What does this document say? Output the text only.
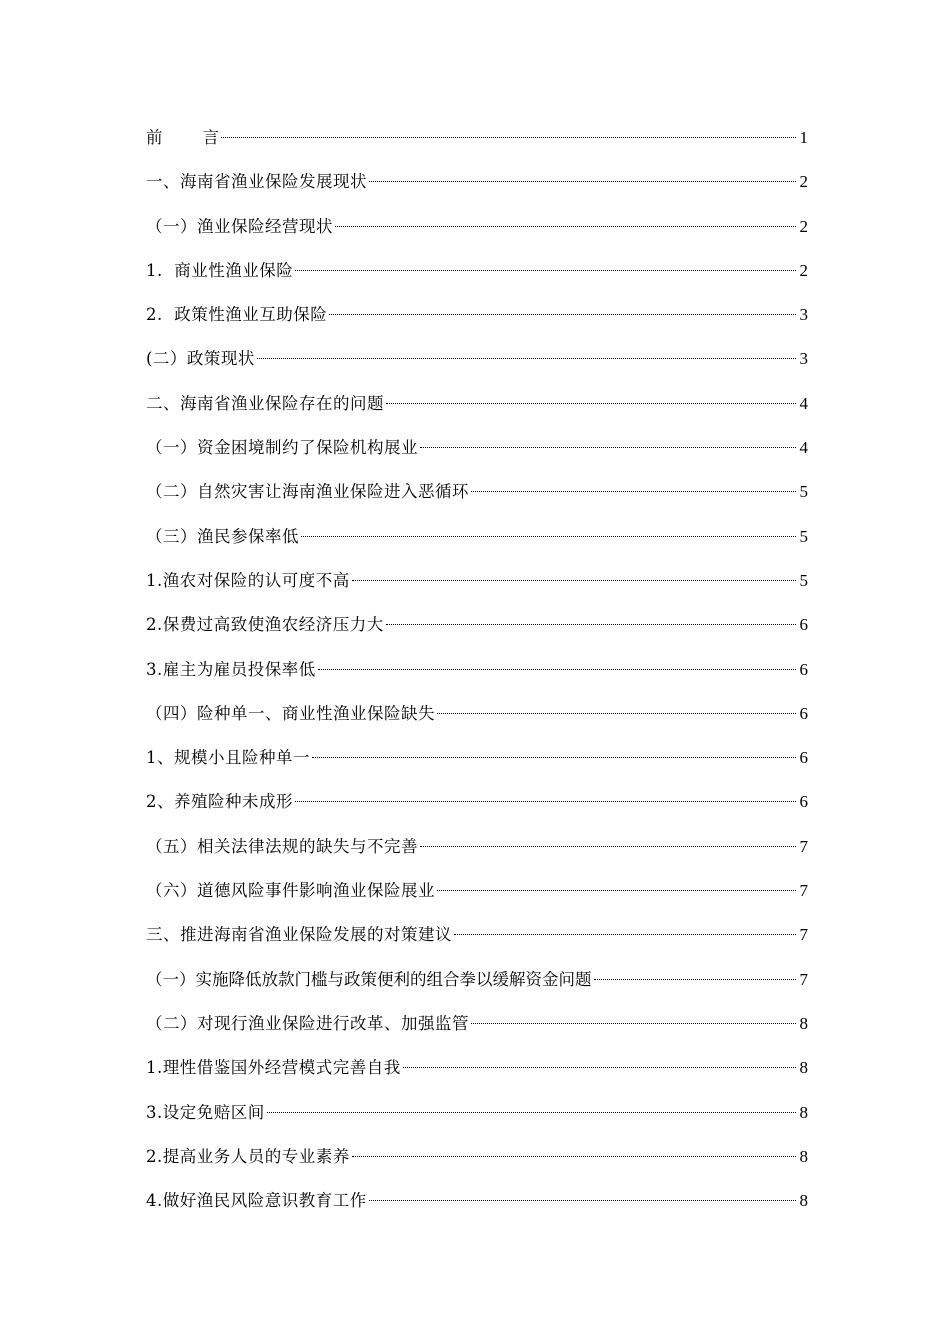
前 言	1
一、海南省渔业保险发展现状	2
（一）渔业保险经营现状	2
1.  商业性渔业保险	2
2.  政策性渔业互助保险	3
(二）政策现状	3
二、海南省渔业保险存在的问题	4
（一）资金困境制约了保险机构展业	4
（二）自然灾害让海南渔业保险进入恶循环	5
（三）渔民参保率低	5
1.渔农对保险的认可度不高	5
2.保费过高致使渔农经济压力大	6
3.雇主为雇员投保率低	6
（四）险种单一、商业性渔业保险缺失	6
1、规模小且险种单一	6
2、养殖险种未成形	6
（五）相关法律法规的缺失与不完善	7
（六）道德风险事件影响渔业保险展业	7
三、推进海南省渔业保险发展的对策建议	7
（一）实施降低放款门槛与政策便利的组合拳以缓解资金问题	7
（二）对现行渔业保险进行改革、加强监管	8
1.理性借鉴国外经营模式完善自我	8
3.设定免赔区间	8
2.提高业务人员的专业素养	8
4.做好渔民风险意识教育工作	8
